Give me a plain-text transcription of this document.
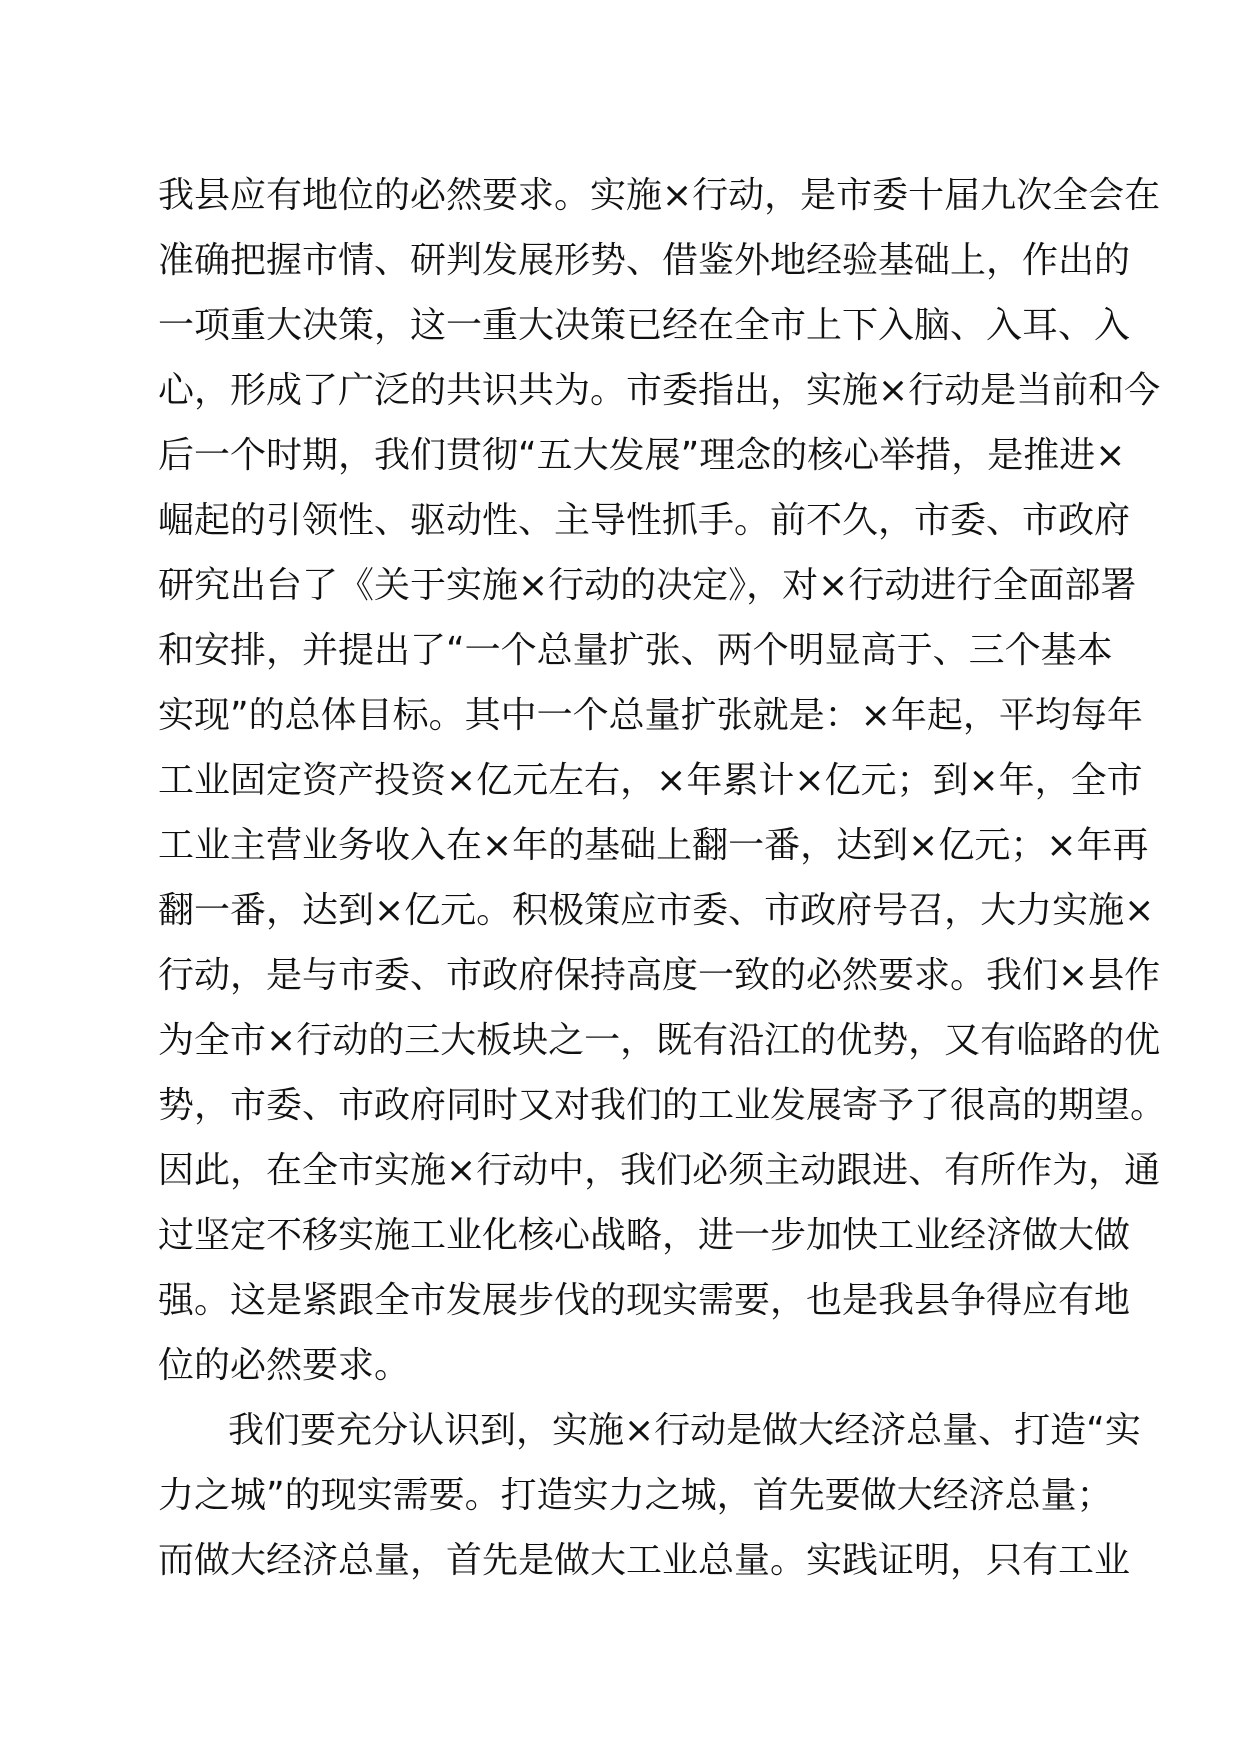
我县应有地位的必然要求。实施×行动，是市委十届九次全会在
准确把握市情、研判发展形势、借鉴外地经验基础上，作出的
一项重大决策，这一重大决策已经在全市上下入脑、入耳、入
心，形成了广泛的共识共为。市委指出，实施×行动是当前和今
后一个时期，我们贯彻“五大发展”理念的核心举措，是推进×
崛起的引领性、驱动性、主导性抓手。前不久，市委、市政府
研究出台了《关于实施×行动的决定》，对×行动进行全面部署
和安排，并提出了“一个总量扩张、两个明显高于、三个基本
实现”的总体目标。其中一个总量扩张就是：×年起，平均每年
工业固定资产投资×亿元左右，×年累计×亿元；到×年，全市
工业主营业务收入在×年的基础上翻一番，达到×亿元；×年再
翻一番，达到×亿元。积极策应市委、市政府号召，大力实施×
行动，是与市委、市政府保持高度一致的必然要求。我们×县作
为全市×行动的三大板块之一，既有沿江的优势，又有临路的优
势，市委、市政府同时又对我们的工业发展寄予了很高的期望。
因此，在全市实施×行动中，我们必须主动跟进、有所作为，通
过坚定不移实施工业化核心战略，进一步加快工业经济做大做
强。这是紧跟全市发展步伐的现实需要，也是我县争得应有地
位的必然要求。
我们要充分认识到，实施×行动是做大经济总量、打造“实
力之城”的现实需要。打造实力之城，首先要做大经济总量；
而做大经济总量，首先是做大工业总量。实践证明，只有工业
